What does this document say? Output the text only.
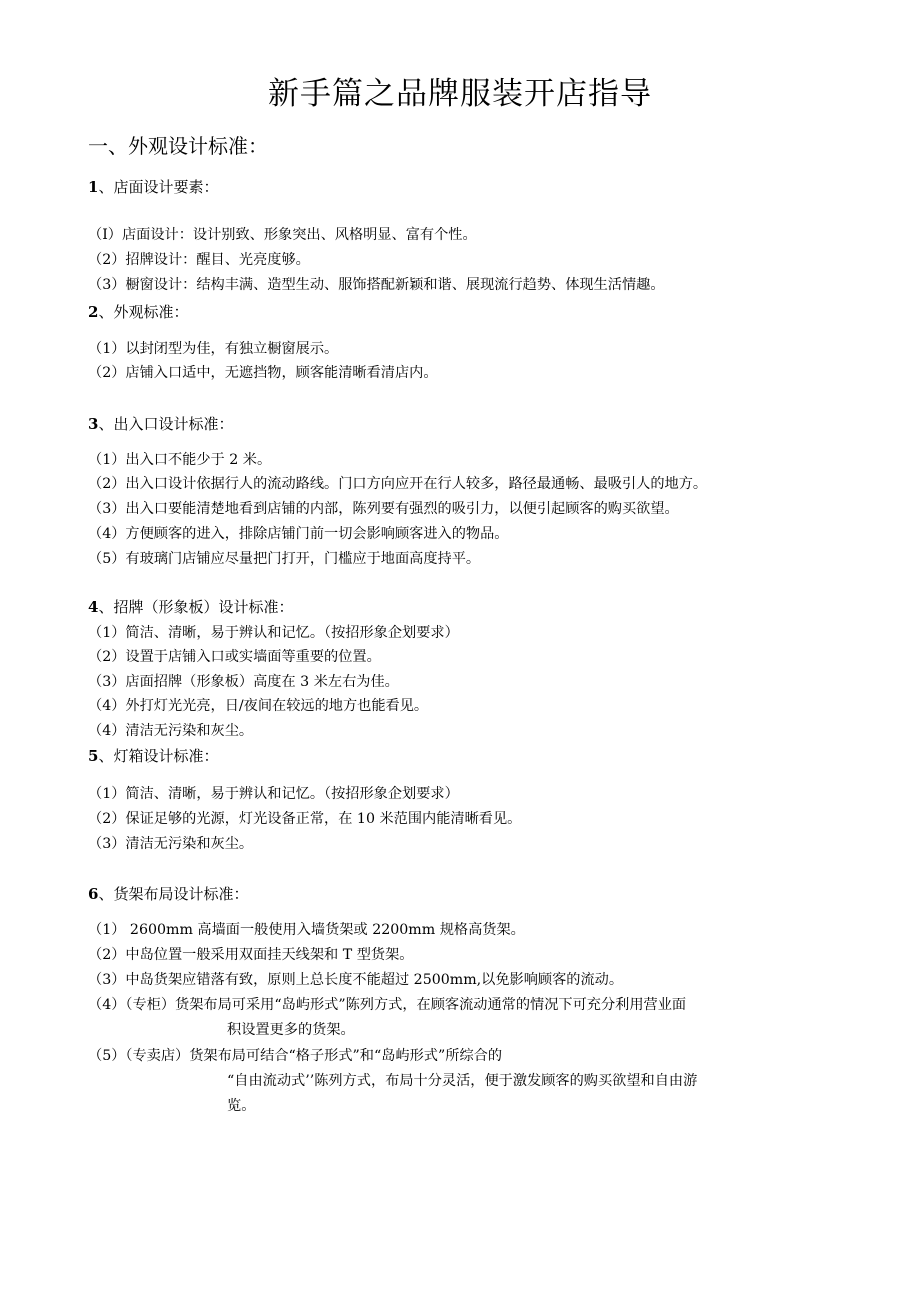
新手篇之品牌服装开店指导
一、外观设计标准：
1、店面设计要素：
（I）店面设计：设计别致、形象突出、风格明显、富有个性。
（2）招牌设计：醒目、光亮度够。
（3）橱窗设计：结构丰满、造型生动、服饰搭配新颖和谐、展现流行趋势、体现生活情趣。
2、外观标准：
（1）以封闭型为佳，有独立橱窗展示。
（2）店铺入口适中，无遮挡物，顾客能清晰看清店内。
3、出入口设计标准：
（1）出入口不能少于 2 米。
（2）出入口设计依据行人的流动路线。门口方向应开在行人较多，路径最通畅、最吸引人的地方。
（3）出入口要能清楚地看到店铺的内部，陈列要有强烈的吸引力，以便引起顾客的购买欲望。
（4）方便顾客的进入，排除店铺门前一切会影响顾客进入的物品。
（5）有玻璃门店铺应尽量把门打开，门槛应于地面高度持平。
4、招牌（形象板）设计标准：
（1）简洁、清晰，易于辨认和记忆。（按招形象企划要求）
（2）设置于店铺入口或实墙面等重要的位置。
（3）店面招牌（形象板）高度在 3 米左右为佳。
（4）外打灯光光亮，日/夜间在较远的地方也能看见。
（4）清洁无污染和灰尘。
5、灯箱设计标准：
（1）简洁、清晰，易于辨认和记忆。（按招形象企划要求）
（2）保证足够的光源，灯光设备正常，在 10 米范围内能清晰看见。
（3）清洁无污染和灰尘。
6、货架布局设计标准：
（1） 2600mm 高墙面一般使用入墙货架或 2200mm 规格高货架。
（2）中岛位置一般采用双面挂天线架和 T 型货架。
（3）中岛货架应错落有致，原则上总长度不能超过 2500mm,以免影响顾客的流动。
（4）（专柜）货架布局可采用“岛屿形式”陈列方式，在顾客流动通常的情况下可充分利用营业面
积设置更多的货架。
（5）（专卖店）货架布局可结合“格子形式”和“岛屿形式”所综合的
“自由流动式’’陈列方式，布局十分灵活，便于激发顾客的购买欲望和自由游
览。
